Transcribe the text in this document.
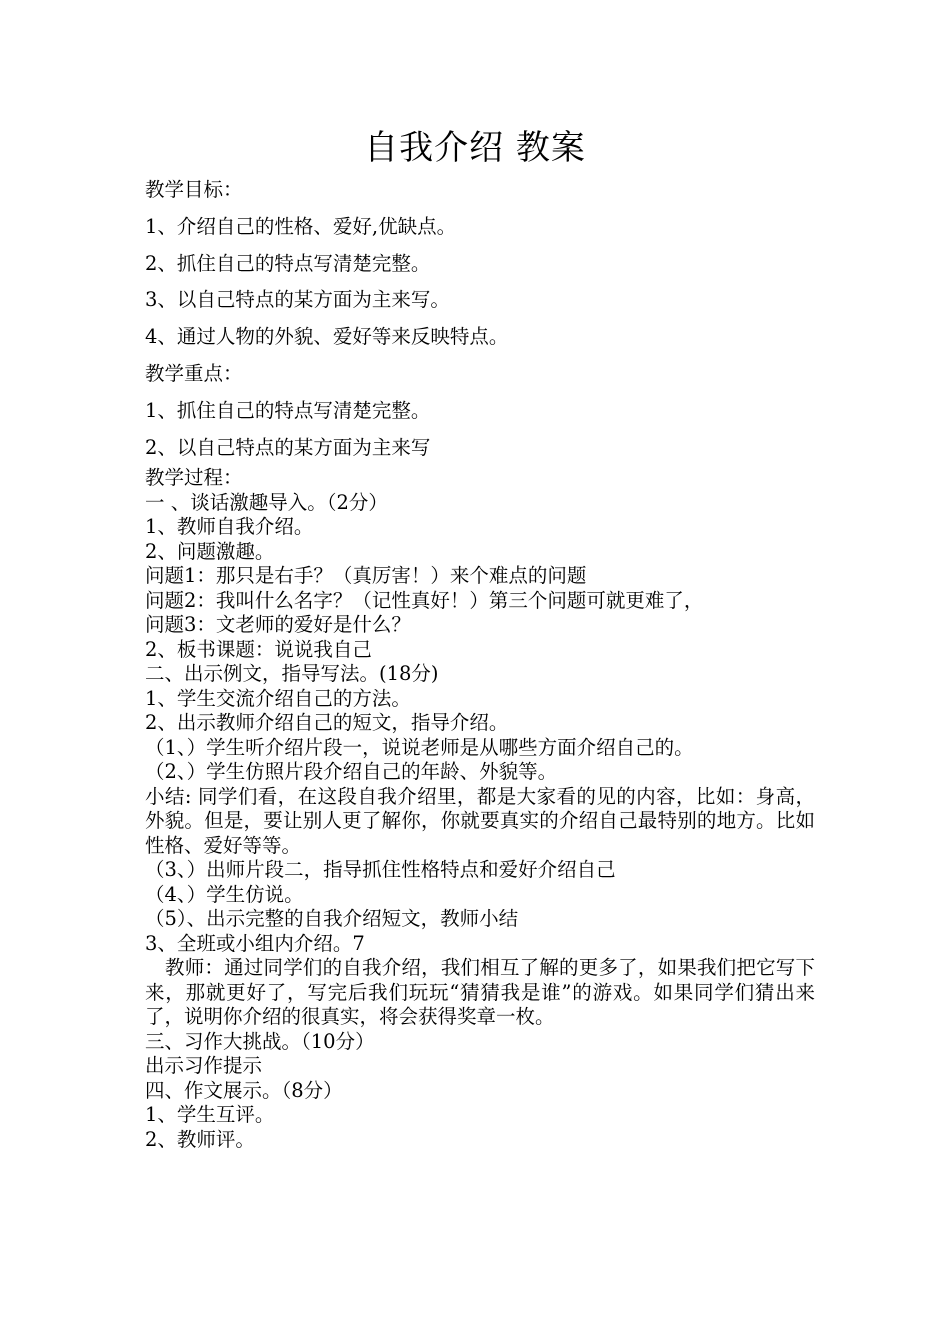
自我介绍 教案

教学目标：

1、介绍自己的性格、爱好,优缺点。

2、抓住自己的特点写清楚完整。

3、以自己特点的某方面为主来写。

4、通过人物的外貌、爱好等来反映特点。

教学重点：

1、抓住自己的特点写清楚完整。

2、以自己特点的某方面为主来写

教学过程：

一 、谈话激趣导入。（2分）

1、教师自我介绍。

2、问题激趣。

问题1：那只是右手？（真厉害！）来个难点的问题

问题2：我叫什么名字？（记性真好！）第三个问题可就更难了，

问题3：文老师的爱好是什么？

2、板书课题：说说我自己

二、出示例文，指导写法。(18分)

1、学生交流介绍自己的方法。

2、出示教师介绍自己的短文，指导介绍。

（1、）学生听介绍片段一，说说老师是从哪些方面介绍自己的。

（2、）学生仿照片段介绍自己的年龄、外貌等。

小结: 同学们看，在这段自我介绍里，都是大家看的见的内容，比如：身高，外貌。但是，要让别人更了解你，你就要真实的介绍自己最特别的地方。比如性格、爱好等等。

（3、）出师片段二，指导抓住性格特点和爱好介绍自己

（4、）学生仿说。

（5）、出示完整的自我介绍短文，教师小结

3、全班或小组内介绍。7

教师：通过同学们的自我介绍，我们相互了解的更多了，如果我们把它写下来，那就更好了，写完后我们玩玩“猜猜我是谁”的游戏。如果同学们猜出来了，说明你介绍的很真实，将会获得奖章一枚。

三、习作大挑战。（10分）

出示习作提示

四、作文展示。（8分）

1、学生互评。

2、教师评。
